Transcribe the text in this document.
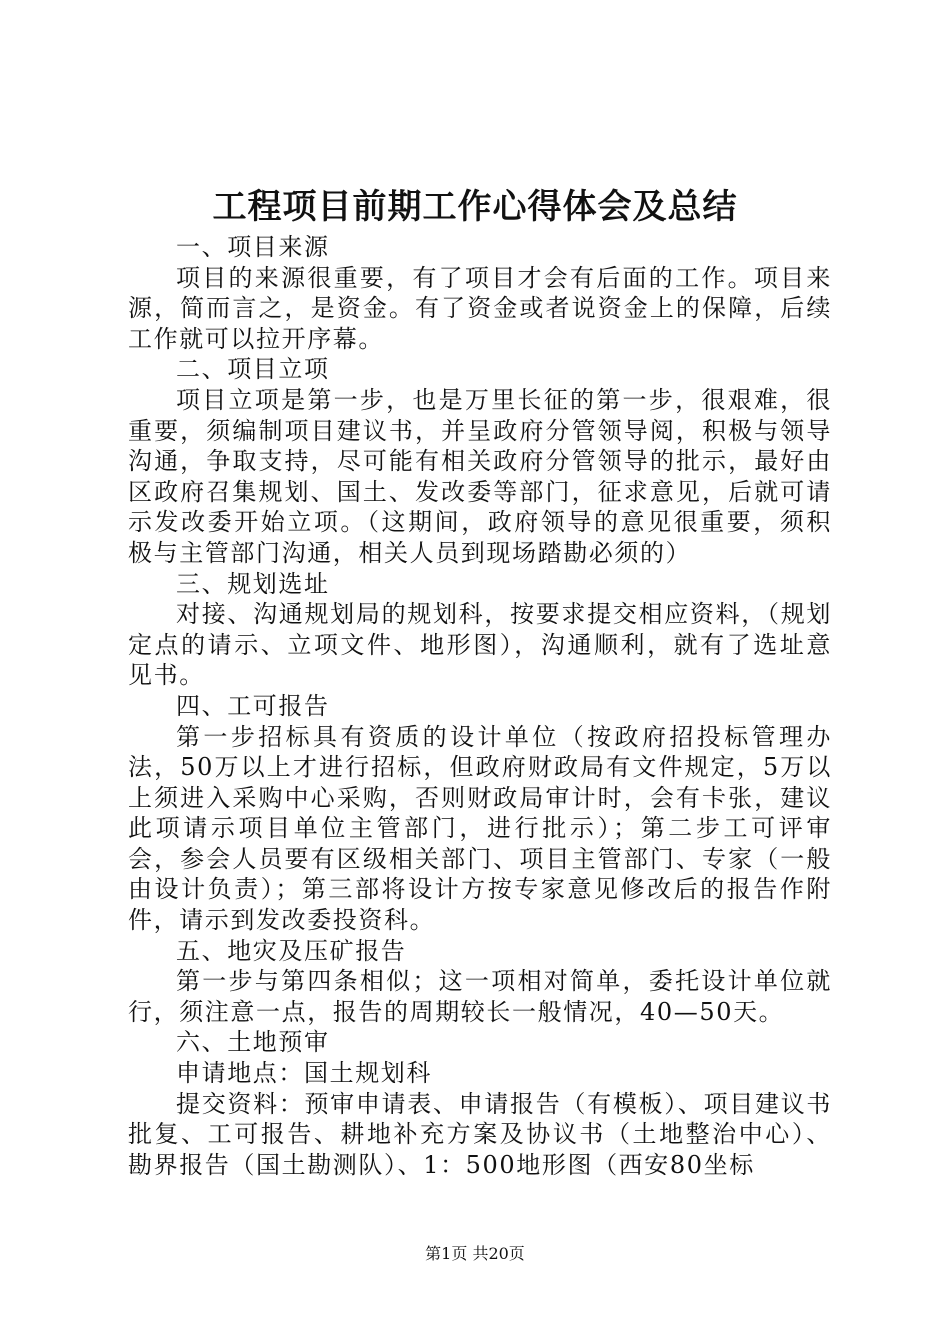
工程项目前期工作心得体会及总结

一、项目来源

项目的来源很重要，有了项目才会有后面的工作。项目来源，简而言之，是资金。有了资金或者说资金上的保障，后续工作就可以拉开序幕。

二、项目立项

项目立项是第一步，也是万里长征的第一步，很艰难，很重要，须编制项目建议书，并呈政府分管领导阅，积极与领导沟通，争取支持，尽可能有相关政府分管领导的批示，最好由区政府召集规划、国土、发改委等部门，征求意见，后就可请示发改委开始立项。（这期间，政府领导的意见很重要，须积极与主管部门沟通，相关人员到现场踏勘必须的）

三、规划选址

对接、沟通规划局的规划科，按要求提交相应资料，（规划定点的请示、立项文件、地形图），沟通顺利，就有了选址意见书。

四、工可报告

第一步招标具有资质的设计单位（按政府招投标管理办法，50万以上才进行招标，但政府财政局有文件规定，5万以上须进入采购中心采购，否则财政局审计时，会有卡张，建议此项请示项目单位主管部门，进行批示）；第二步工可评审会，参会人员要有区级相关部门、项目主管部门、专家（一般由设计负责）；第三部将设计方按专家意见修改后的报告作附件，请示到发改委投资科。

五、地灾及压矿报告

第一步与第四条相似；这一项相对简单，委托设计单位就行，须注意一点，报告的周期较长一般情况，40—50天。

六、土地预审

申请地点：国土规划科

提交资料：预审申请表、申请报告（有模板）、项目建议书批复、工可报告、耕地补充方案及协议书（土地整治中心）、勘界报告（国土勘测队）、1：500地形图（西安80坐标

第1页 共20页
